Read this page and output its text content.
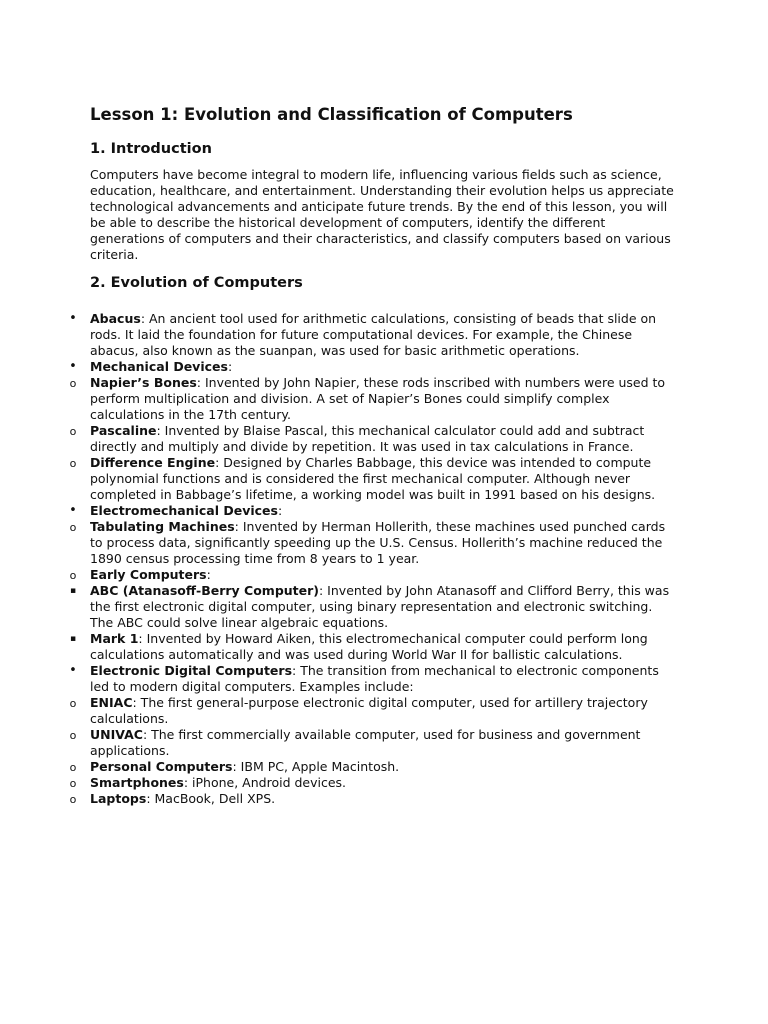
Lesson 1: Evolution and Classification of Computers
1. Introduction

Computers have become integral to modern life, influencing various fields such as science, education, healthcare, and entertainment. Understanding their evolution helps us appreciate technological advancements and anticipate future trends. By the end of this lesson, you will be able to describe the historical development of computers, identify the different generations of computers and their characteristics, and classify computers based on various criteria.

2. Evolution of Computers
• Abacus: An ancient tool used for arithmetic calculations, consisting of beads that slide on rods. It laid the foundation for future computational devices. For example, the Chinese abacus, also known as the suanpan, was used for basic arithmetic operations.
• Mechanical Devices:
o Napier’s Bones: Invented by John Napier, these rods inscribed with numbers were used to perform multiplication and division. A set of Napier’s Bones could simplify complex calculations in the 17th century.
o Pascaline: Invented by Blaise Pascal, this mechanical calculator could add and subtract directly and multiply and divide by repetition. It was used in tax calculations in France.
o Difference Engine: Designed by Charles Babbage, this device was intended to compute polynomial functions and is considered the first mechanical computer. Although never completed in Babbage’s lifetime, a working model was built in 1991 based on his designs.
• Electromechanical Devices:
o Tabulating Machines: Invented by Herman Hollerith, these machines used punched cards to process data, significantly speeding up the U.S. Census. Hollerith’s machine reduced the 1890 census processing time from 8 years to 1 year.
o Early Computers:
▪	ABC (Atanasoff-Berry Computer): Invented by John Atanasoff and Clifford Berry, this was the first electronic digital computer, using binary representation and electronic switching. The ABC could solve linear algebraic equations.
▪	Mark 1: Invented by Howard Aiken, this electromechanical computer could perform long calculations automatically and was used during World War II for ballistic calculations.
• Electronic Digital Computers: The transition from mechanical to electronic components led to modern digital computers. Examples include:
o ENIAC: The first general-purpose electronic digital computer, used for artillery trajectory calculations.
o UNIVAC: The first commercially available computer, used for business and government applications.
o Personal Computers: IBM PC, Apple Macintosh.
o Smartphones: iPhone, Android devices.
o Laptops: MacBook, Dell XPS.
